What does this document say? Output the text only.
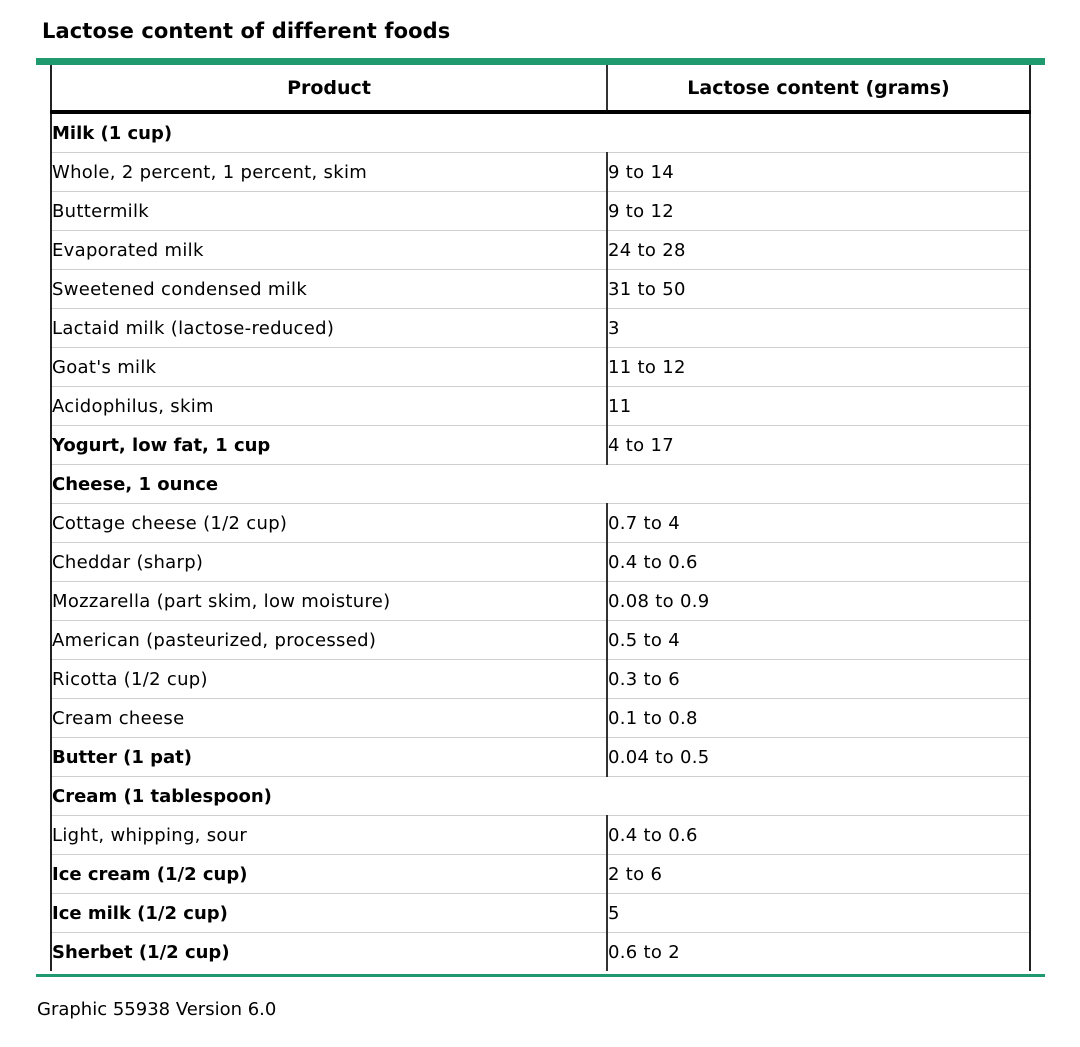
Lactose content of different foods
Product	Lactose content (grams)
Milk (1 cup)	
Whole, 2 percent, 1 percent, skim	9 to 14
Buttermilk	9 to 12
Evaporated milk	24 to 28
Sweetened condensed milk	31 to 50
Lactaid milk (lactose-reduced)	3
Goat's milk	11 to 12
Acidophilus, skim	11
Yogurt, low fat, 1 cup	4 to 17
Cheese, 1 ounce	
Cottage cheese (1/2 cup)	0.7 to 4
Cheddar (sharp)	0.4 to 0.6
Mozzarella (part skim, low moisture)	0.08 to 0.9
American (pasteurized, processed)	0.5 to 4
Ricotta (1/2 cup)	0.3 to 6
Cream cheese	0.1 to 0.8
Butter (1 pat)	0.04 to 0.5
Cream (1 tablespoon)	
Light, whipping, sour	0.4 to 0.6
Ice cream (1/2 cup)	2 to 6
Ice milk (1/2 cup)	5
Sherbet (1/2 cup)	0.6 to 2
Graphic 55938 Version 6.0
